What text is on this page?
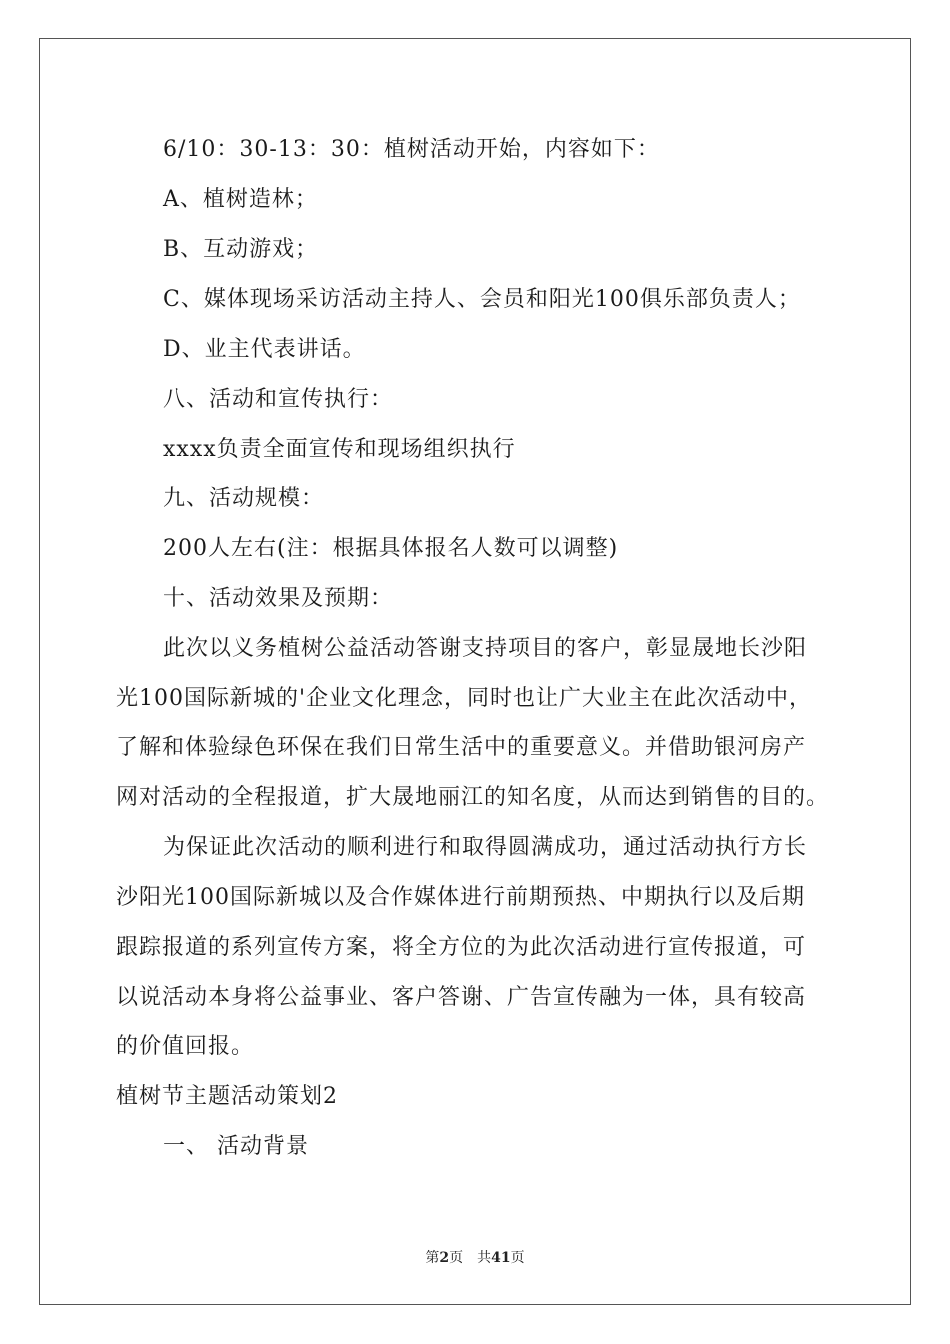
6/10：30-13：30：植树活动开始，内容如下：
A、植树造林；
B、互动游戏；
C、媒体现场采访活动主持人、会员和阳光100俱乐部负责人；
D、业主代表讲话。
八、活动和宣传执行：
xxxx负责全面宣传和现场组织执行
九、活动规模：
200人左右(注：根据具体报名人数可以调整)
十、活动效果及预期：
此次以义务植树公益活动答谢支持项目的客户，彰显晟地长沙阳
光100国际新城的'企业文化理念，同时也让广大业主在此次活动中，
了解和体验绿色环保在我们日常生活中的重要意义。并借助银河房产
网对活动的全程报道，扩大晟地丽江的知名度，从而达到销售的目的。
为保证此次活动的顺利进行和取得圆满成功，通过活动执行方长
沙阳光100国际新城以及合作媒体进行前期预热、中期执行以及后期
跟踪报道的系列宣传方案，将全方位的为此次活动进行宣传报道，可
以说活动本身将公益事业、客户答谢、广告宣传融为一体，具有较高
的价值回报。
植树节主题活动策划2
一、 活动背景
第2页 共41页
